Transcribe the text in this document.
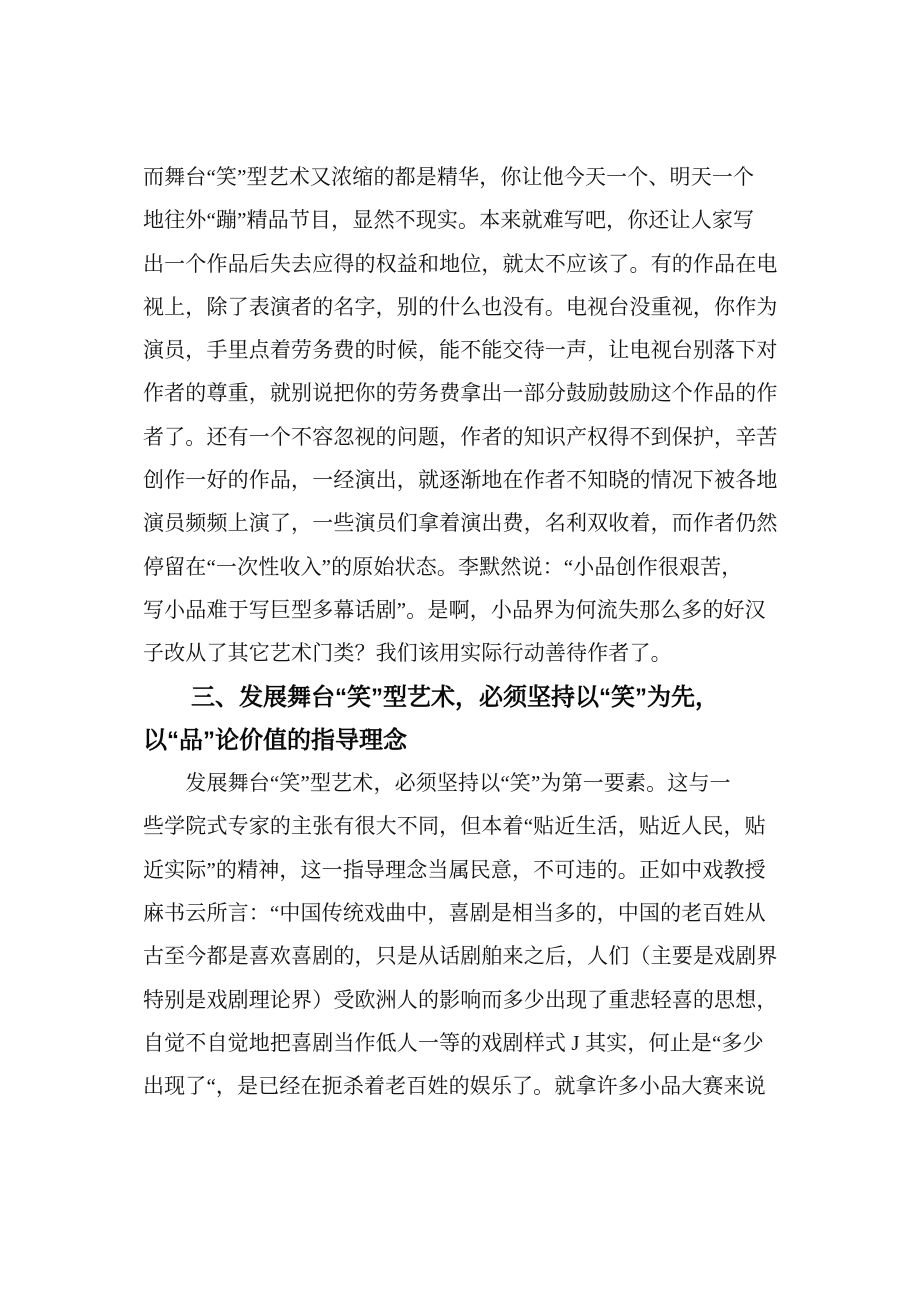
而舞台“笑”型艺术又浓缩的都是精华，你让他今天一个、明天一个
地往外“蹦”精品节目，显然不现实。本来就难写吧，你还让人家写
出一个作品后失去应得的权益和地位，就太不应该了。有的作品在电
视上，除了表演者的名字，别的什么也没有。电视台没重视，你作为
演员，手里点着劳务费的时候，能不能交待一声，让电视台别落下对
作者的尊重，就别说把你的劳务费拿出一部分鼓励鼓励这个作品的作
者了。还有一个不容忽视的问题，作者的知识产权得不到保护，辛苦
创作一好的作品，一经演出，就逐渐地在作者不知晓的情况下被各地
演员频频上演了，一些演员们拿着演出费，名利双收着，而作者仍然
停留在“一次性收入”的原始状态。李默然说：“小品创作很艰苦，
写小品难于写巨型多幕话剧”。是啊，小品界为何流失那么多的好汉
子改从了其它艺术门类？我们该用实际行动善待作者了。
　　三、发展舞台“笑”型艺术，必须坚持以“笑”为先，
以“品”论价值的指导理念
　　发展舞台“笑”型艺术，必须坚持以“笑”为第一要素。这与一
些学院式专家的主张有很大不同，但本着“贴近生活，贴近人民，贴
近实际”的精神，这一指导理念当属民意，不可违的。正如中戏教授
麻书云所言：“中国传统戏曲中，喜剧是相当多的，中国的老百姓从
古至今都是喜欢喜剧的，只是从话剧舶来之后，人们（主要是戏剧界
特别是戏剧理论界）受欧洲人的影响而多少出现了重悲轻喜的思想，
自觉不自觉地把喜剧当作低人一等的戏剧样式 J 其实，何止是“多少
出现了“，是已经在扼杀着老百姓的娱乐了。就拿许多小品大赛来说
